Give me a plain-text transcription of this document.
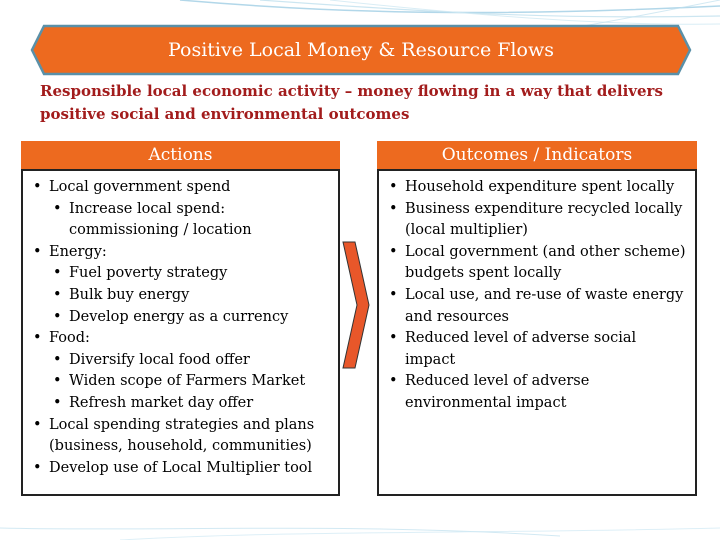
Positive Local Money & Resource Flows
Responsible local economic activity – money flowing in a way that delivers positive social and environmental outcomes
Actions
• Local government spend
• Increase local spend: commissioning / location
• Energy:
• Fuel poverty strategy
• Bulk buy energy
• Develop energy as a currency
• Food:
• Diversify local food offer
• Widen scope of Farmers Market
• Refresh market day offer
• Local spending strategies and plans (business, household, communities)
• Develop use of Local Multiplier tool
Outcomes / Indicators
• Household expenditure spent locally
• Business expenditure recycled locally (local multiplier)
• Local government (and other scheme) budgets spent locally
• Local use, and re-use of waste energy and resources
• Reduced level of adverse social impact
• Reduced level of adverse environmental impact
